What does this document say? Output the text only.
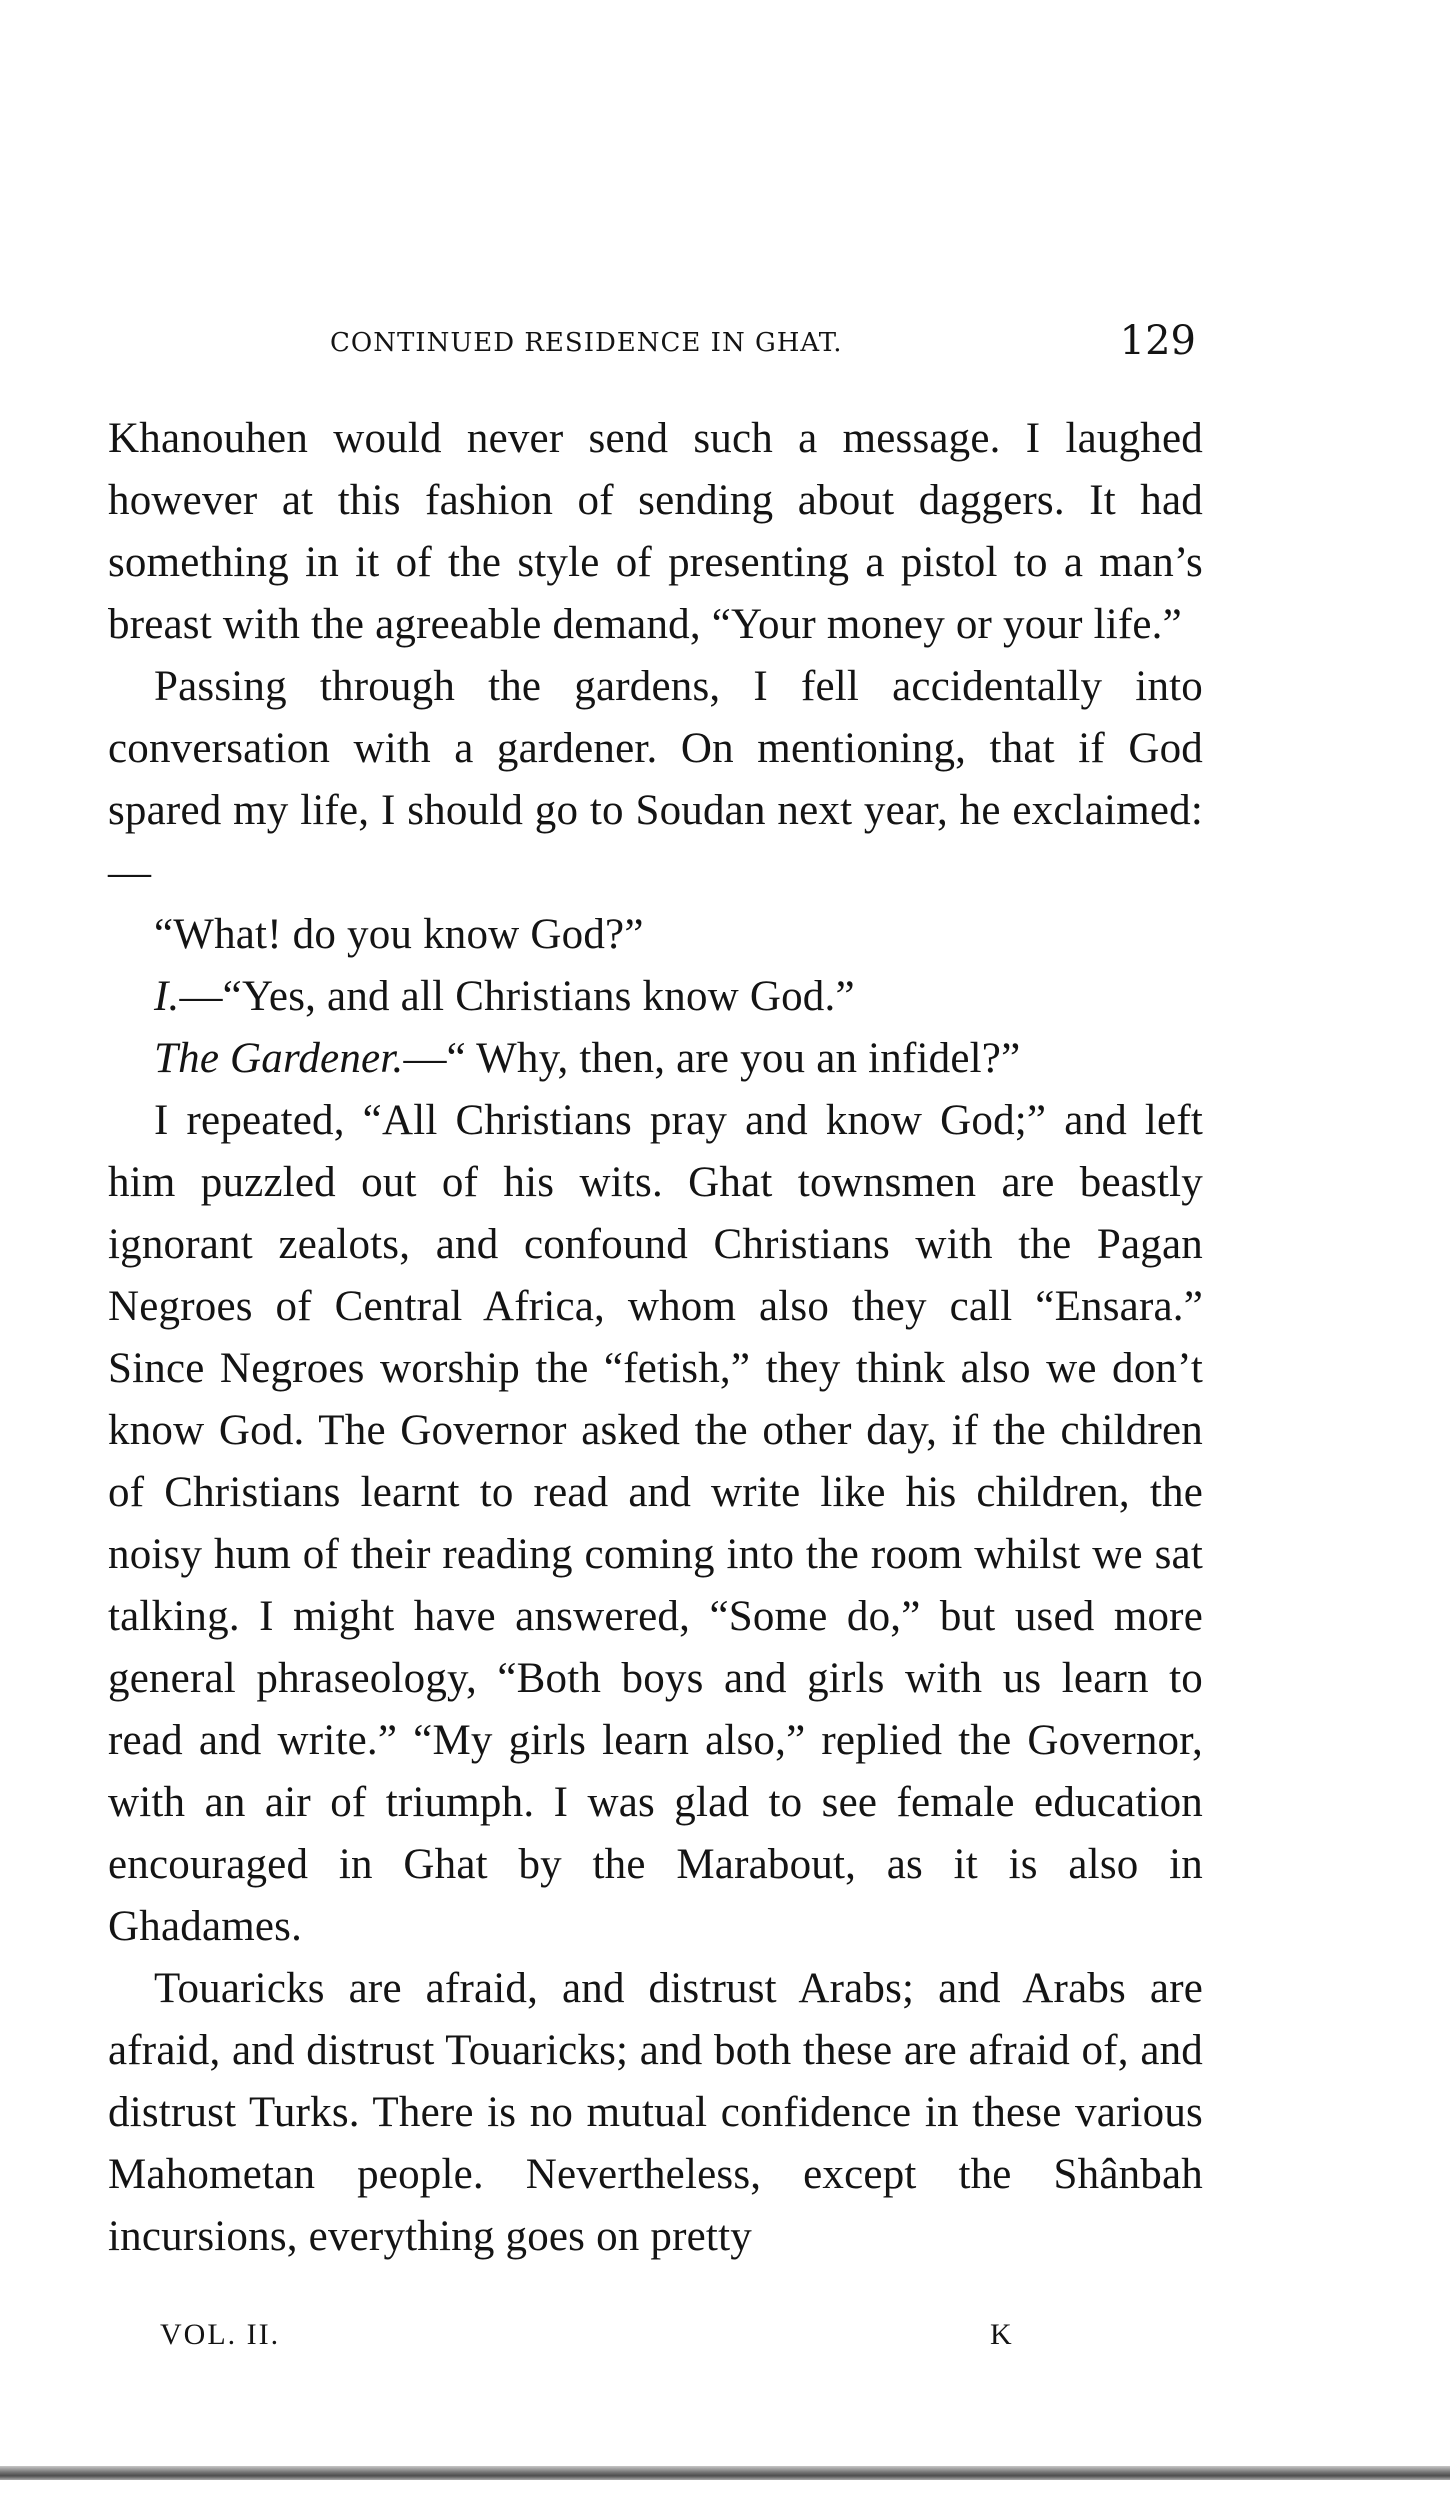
CONTINUED RESIDENCE IN GHAT.	129

Khanouhen would never send such a message. I laughed however at this fashion of sending about daggers. It had something in it of the style of presenting a pistol to a man’s breast with the agreeable demand, “Your money or your life.”

Passing through the gardens, I fell accidentally into conversation with a gardener. On mentioning, that if God spared my life, I should go to Soudan next year, he exclaimed:—

“What! do you know God?”

I.—“Yes, and all Christians know God.”

The Gardener.—“ Why, then, are you an infidel?”

I repeated, “All Christians pray and know God;” and left him puzzled out of his wits. Ghat townsmen are beastly ignorant zealots, and confound Christians with the Pagan Negroes of Central Africa, whom also they call “Ensara.” Since Negroes worship the “fetish,” they think also we don’t know God. The Governor asked the other day, if the children of Christians learnt to read and write like his children, the noisy hum of their reading coming into the room whilst we sat talking. I might have answered, “Some do,” but used more general phraseology, “Both boys and girls with us learn to read and write.” “My girls learn also,” replied the Governor, with an air of triumph. I was glad to see female education encouraged in Ghat by the Marabout, as it is also in Ghadames.

Touaricks are afraid, and distrust Arabs; and Arabs are afraid, and distrust Touaricks; and both these are afraid of, and distrust Turks. There is no mutual confidence in these various Mahometan people. Nevertheless, except the Shânbah incursions, everything goes on pretty

VOL. II.	K
